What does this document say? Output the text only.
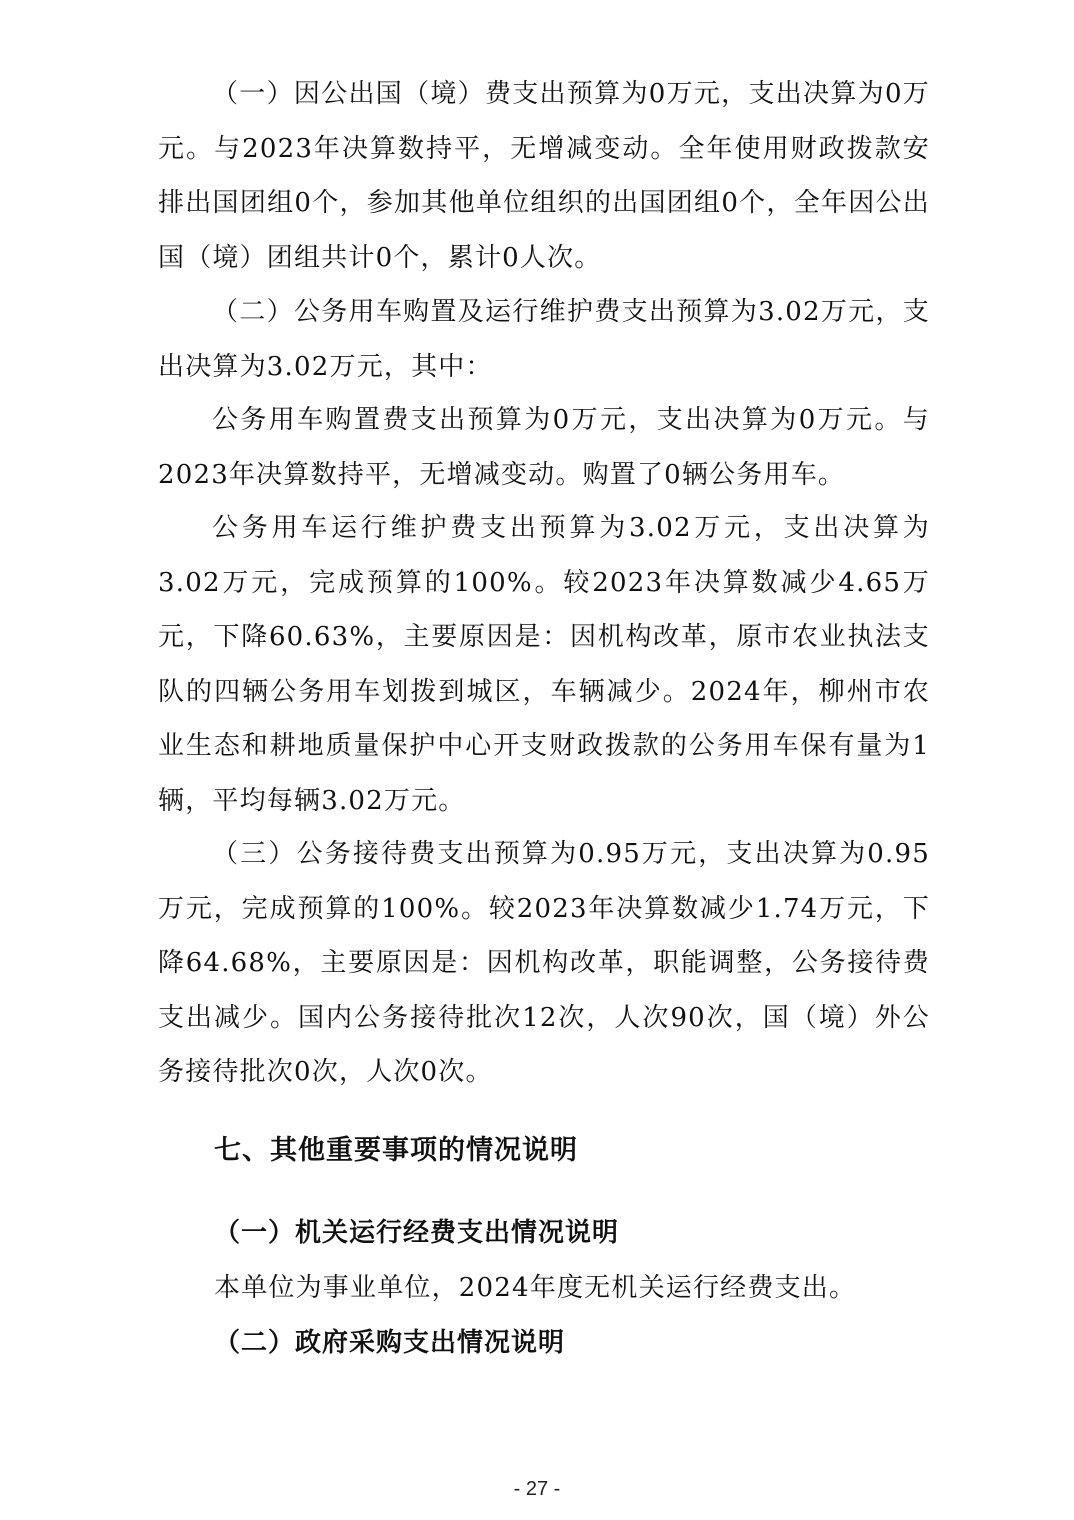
（一）因公出国（境）费支出预算为0万元，支出决算为0万元。与2023年决算数持平，无增减变动。全年使用财政拨款安排出国团组0个，参加其他单位组织的出国团组0个，全年因公出国（境）团组共计0个，累计0人次。

（二）公务用车购置及运行维护费支出预算为3.02万元，支出决算为3.02万元，其中：

公务用车购置费支出预算为0万元，支出决算为0万元。与2023年决算数持平，无增减变动。购置了0辆公务用车。

公务用车运行维护费支出预算为3.02万元，支出决算为3.02万元，完成预算的100%。较2023年决算数减少4.65万元，下降60.63%，主要原因是：因机构改革，原市农业执法支队的四辆公务用车划拨到城区，车辆减少。2024年，柳州市农业生态和耕地质量保护中心开支财政拨款的公务用车保有量为1辆，平均每辆3.02万元。

（三）公务接待费支出预算为0.95万元，支出决算为0.95万元，完成预算的100%。较2023年决算数减少1.74万元，下降64.68%，主要原因是：因机构改革，职能调整，公务接待费支出减少。国内公务接待批次12次，人次90次，国（境）外公务接待批次0次，人次0次。

七、其他重要事项的情况说明
（一）机关运行经费支出情况说明

本单位为事业单位，2024年度无机关运行经费支出。

（二）政府采购支出情况说明
- 27 -
